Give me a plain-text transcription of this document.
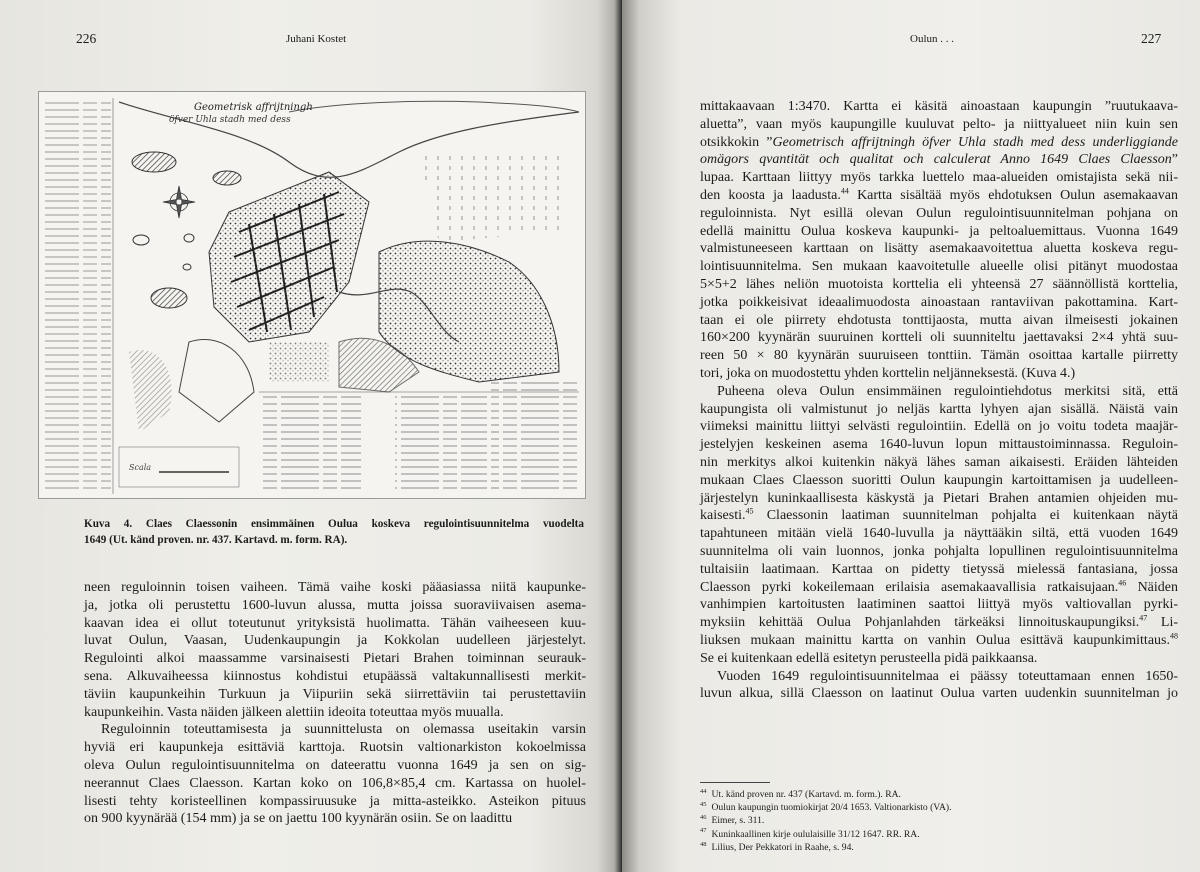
226	Juhani Kostet
Geometrisk affrijtningh
öfver Uhla stadh med dess
Scala
Kuva 4. Claes Claessonin ensimmäinen Oulua koskeva regulointisuunnitelma vuodelta
1649 (Ut. känd proven. nr. 437. Kartavd. m. form. RA).
neen reguloinnin toisen vaiheen. Tämä vaihe koski pääasiassa niitä kaupunke-
ja, jotka oli perustettu 1600-luvun alussa, mutta joissa suoraviivaisen asema-
kaavan idea ei ollut toteutunut yrityksistä huolimatta. Tähän vaiheeseen kuu-
luvat Oulun, Vaasan, Uudenkaupungin ja Kokkolan uudelleen järjestelyt.
Regulointi alkoi maassamme varsinaisesti Pietari Brahen toiminnan seurauk-
sena. Alkuvaiheessa kiinnostus kohdistui etupäässä valtakunnallisesti merkit-
täviin kaupunkeihin Turkuun ja Viipuriin sekä siirrettäviin tai perustettaviin
kaupunkeihin. Vasta näiden jälkeen alettiin ideoita toteuttaa myös muualla.
Reguloinnin toteuttamisesta ja suunnittelusta on olemassa useitakin varsin
hyviä eri kaupunkeja esittäviä karttoja. Ruotsin valtionarkiston kokoelmissa
oleva Oulun regulointisuunnitelma on dateerattu vuonna 1649 ja sen on sig-
neerannut Claes Claesson. Kartan koko on 106,8×85,4 cm. Kartassa on huolel-
lisesti tehty koristeellinen kompassiruusuke ja mitta-asteikko. Asteikon pituus
on 900 kyynärää (154 mm) ja se on jaettu 100 kyynärän osiin. Se on laadittu
Oulun . . .	227
mittakaavaan 1:3470. Kartta ei käsitä ainoastaan kaupungin ”ruutukaava-
aluetta”, vaan myös kaupungille kuuluvat pelto- ja niittyalueet niin kuin sen
otsikkokin ”Geometrisch affrijtningh öfver Uhla stadh med dess underliggiande
omägors qvantität och qualitat och calculerat Anno 1649 Claes Claesson”
lupaa. Karttaan liittyy myös tarkka luettelo maa-alueiden omistajista sekä nii-
den koosta ja laadusta.$^{44}$ Kartta sisältää myös ehdotuksen Oulun asemakaavan
reguloinnista. Nyt esillä olevan Oulun regulointisuunnitelman pohjana on
edellä mainittu Oulua koskeva kaupunki- ja peltoaluemittaus. Vuonna 1649
valmistuneeseen karttaan on lisätty asemakaavoitettua aluetta koskeva regu-
lointisuunnitelma. Sen mukaan kaavoitetulle alueelle olisi pitänyt muodostaa
5×5+2 lähes neliön muotoista korttelia eli yhteensä 27 säännöllistä korttelia,
jotka poikkeisivat ideaalimuodosta ainoastaan rantaviivan pakottamina. Kart-
taan ei ole piirrety ehdotusta tonttijaosta, mutta aivan ilmeisesti jokainen
160×200 kyynärän suuruinen kortteli oli suunniteltu jaettavaksi 2×4 yhtä suu-
reen 50 × 80 kyynärän suuruiseen tonttiin. Tämän osoittaa kartalle piirretty
tori, joka on muodostettu yhden korttelin neljänneksestä. (Kuva 4.)
Puheena oleva Oulun ensimmäinen regulointiehdotus merkitsi sitä, että
kaupungista oli valmistunut jo neljäs kartta lyhyen ajan sisällä. Näistä vain
viimeksi mainittu liittyi selvästi regulointiin. Edellä on jo voitu todeta maajär-
jestelyjen keskeinen asema 1640-luvun lopun mittaustoiminnassa. Regulоin-
nin merkitys alkoi kuitenkin näkyä lähes saman aikaisesti. Eräiden lähteiden
mukaan Claes Claesson suoritti Oulun kaupungin kartoittamisen ja uudelleen-
järjestelyn kuninkaallisesta käskystä ja Pietari Brahen antamien ohjeiden mu-
kaisesti.$^{45}$ Claessonin laatiman suunnitelman pohjalta ei kuitenkaan näytä
tapahtuneen mitään vielä 1640-luvulla ja näyttääkin siltä, että vuoden 1649
suunnitelma oli vain luonnos, jonka pohjalta lopullinen regulointisuunnitelma
tultaisiin laatimaan. Karttaa on pidetty tietyssä mielessä fantasiana, jossa
Claesson pyrki kokeilemaan erilaisia asemakaavallisia ratkaisujaan.$^{46}$ Näiden
vanhimpien kartoitusten laatiminen saattoi liittyä myös valtiovallan pyrki-
myksiin kehittää Oulua Pohjanlahden tärkeäksi linnoituskaupungiksi.$^{47}$ Li-
liuksen mukaan mainittu kartta on vanhin Oulua esittävä kaupunkimittaus.$^{48}$
Se ei kuitenkaan edellä esitetyn perusteella pidä paikkaansa.
Vuoden 1649 regulointisuunnitelmaa ei päässy toteuttamaan ennen 1650-
luvun alkua, sillä Claesson on laatinut Oulua varten uudenkin suunnitelman jo
$^{44}$ Ut. känd proven nr. 437 (Kartavd. m. form.). RA.
$^{45}$ Oulun kaupungin tuomiokirjat 20/4 1653. Valtionarkisto (VA).
$^{46}$ Eimer, s. 311.
$^{47}$ Kuninkaallinen kirje oululaisille 31/12 1647. RR. RA.
$^{48}$ Lilius, Der Pekkatori in Raahe, s. 94.
